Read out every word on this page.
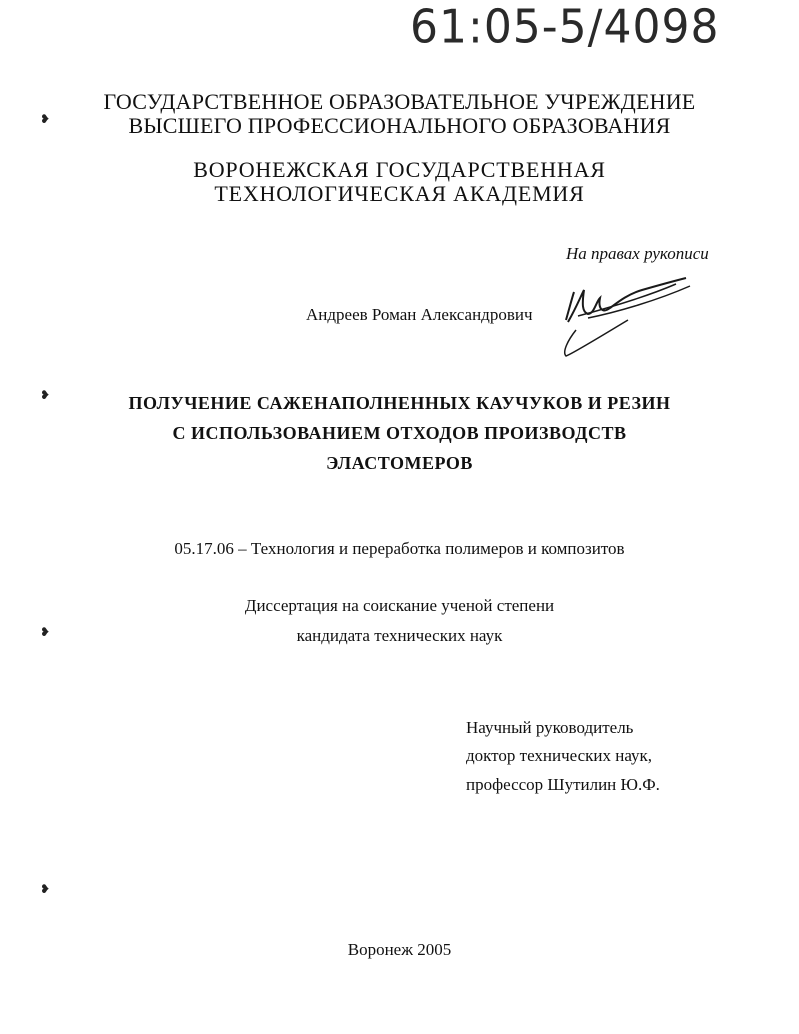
61:05-5/4098
ГОСУДАРСТВЕННОЕ ОБРАЗОВАТЕЛЬНОЕ УЧРЕЖДЕНИЕ
ВЫСШЕГО ПРОФЕССИОНАЛЬНОГО ОБРАЗОВАНИЯ
ВОРОНЕЖСКАЯ ГОСУДАРСТВЕННАЯ
ТЕХНОЛОГИЧЕСКАЯ АКАДЕМИЯ
На правах рукописи
Андреев Роман Александрович
ПОЛУЧЕНИЕ САЖЕНАПОЛНЕННЫХ КАУЧУКОВ И РЕЗИН
С ИСПОЛЬЗОВАНИЕМ ОТХОДОВ ПРОИЗВОДСТВ
ЭЛАСТОМЕРОВ
05.17.06 – Технология и переработка полимеров и композитов
Диссертация на соискание ученой степени
кандидата технических наук
Научный руководитель
доктор технических наук,
профессор Шутилин Ю.Ф.
Воронеж 2005
❥
❥
❥
❥
